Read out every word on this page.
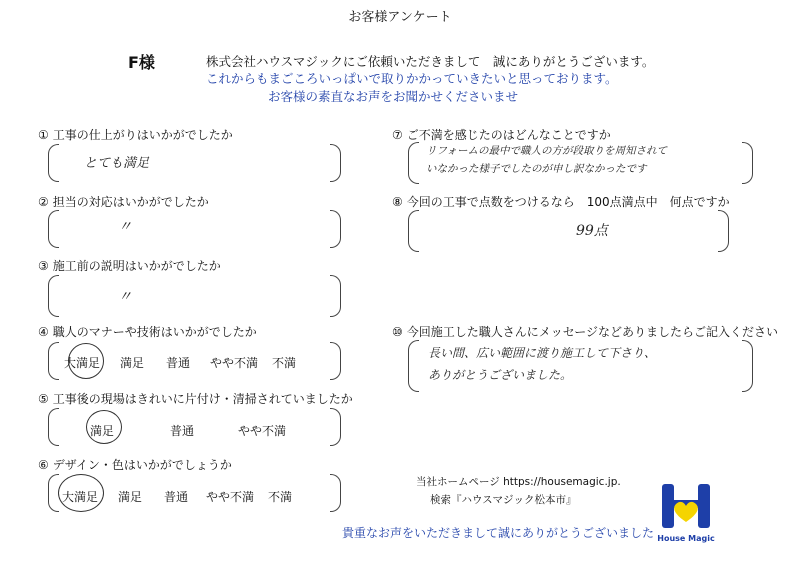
お客様アンケート
F様	株式会社ハウスマジックにご依頼いただきまして　誠にありがとうございます。
これからもまごころいっぱいで取りかかっていきたいと思っております。
お客様の素直なお声をお聞かせくださいませ
① 工事の仕上がりはいかがでしたか
とても満足
② 担当の対応はいかがでしたか
〃
③ 施工前の説明はいかがでしたか
〃
④ 職人のマナーや技術はいかがでしたか
大満足 満足 普通 やや不満 不満
⑤ 工事後の現場はきれいに片付け・清掃されていましたか
満足	普通	やや不満
⑥ デザイン・色はいかがでしょうか
大満足 満足 普通 やや不満 不満
⑦ ご不満を感じたのはどんなことですか
リフォームの最中で職人の方が段取りを周知されて
いなかった様子でしたのが申し訳なかったです
⑧ 今回の工事で点数をつけるなら　100点満点中　何点ですか
99点
⑩ 今回施工した職人さんにメッセージなどありましたらご記入ください
長い間、広い範囲に渡り施工して下さり、
ありがとうございました。
当社ホームページ https://housemagic.jp.
検索『ハウスマジック松本市』
貴重なお声をいただきまして誠にありがとうございました House Magic
